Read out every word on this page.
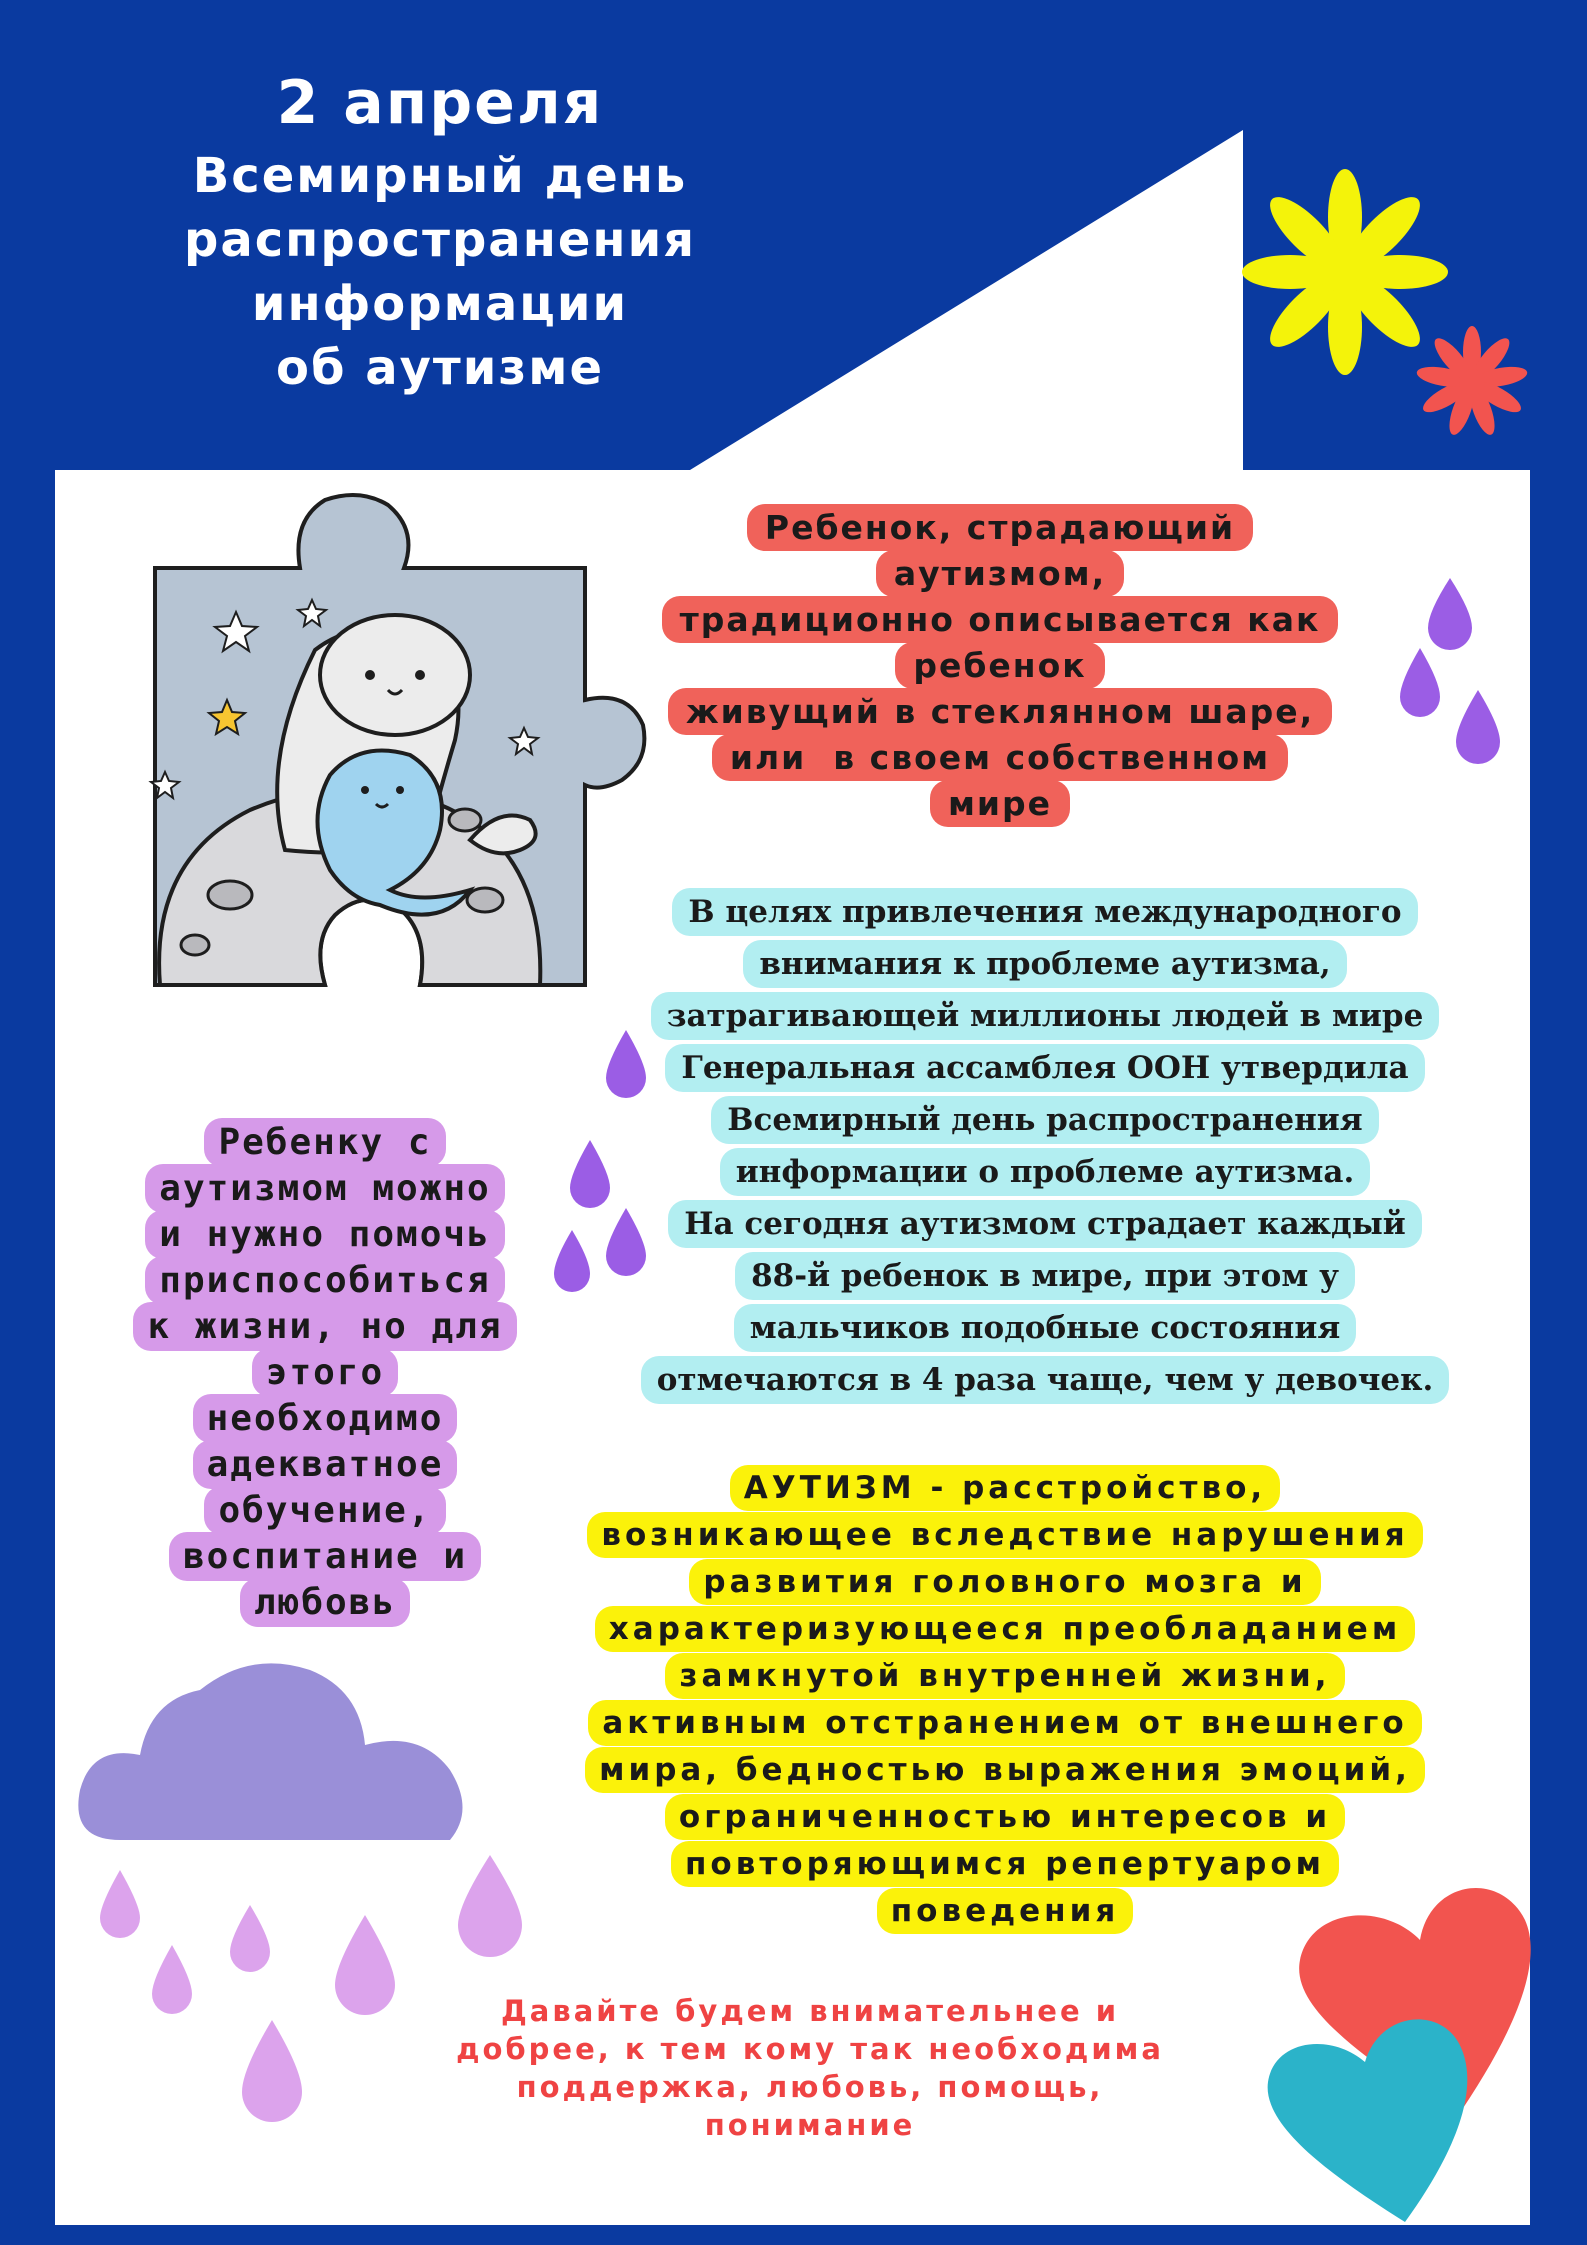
2 апреля
Всемирный день
распространения
информации
об аутизме
Ребенок, страдающий
аутизмом,
традиционно описывается как
ребенок
живущий в стеклянном шаре,
или  в своем собственном
мире
В целях привлечения международного
внимания к проблеме аутизма,
затрагивающей миллионы людей в мире
Генеральная ассамблея ООН утвердила
Всемирный день распространения
информации о проблеме аутизма.
На сегодня аутизмом страдает каждый
88-й ребенок в мире, при этом у
мальчиков подобные состояния
отмечаются в 4 раза чаще, чем у девочек.
Ребенку с
аутизмом можно
и нужно помочь
приспособиться
к жизни, но для
этого
необходимо
адекватное
обучение,
воспитание и
любовь
АУТИЗМ - расстройство,
возникающее вследствие нарушения
развития головного мозга и
характеризующееся преобладанием
замкнутой внутренней жизни,
активным отстранением от внешнего
мира, бедностью выражения эмоций,
ограниченностью интересов и
повторяющимся репертуаром
поведения
Давайте будем внимательнее и
добрее, к тем кому так необходима
поддержка, любовь, помощь,
понимание
